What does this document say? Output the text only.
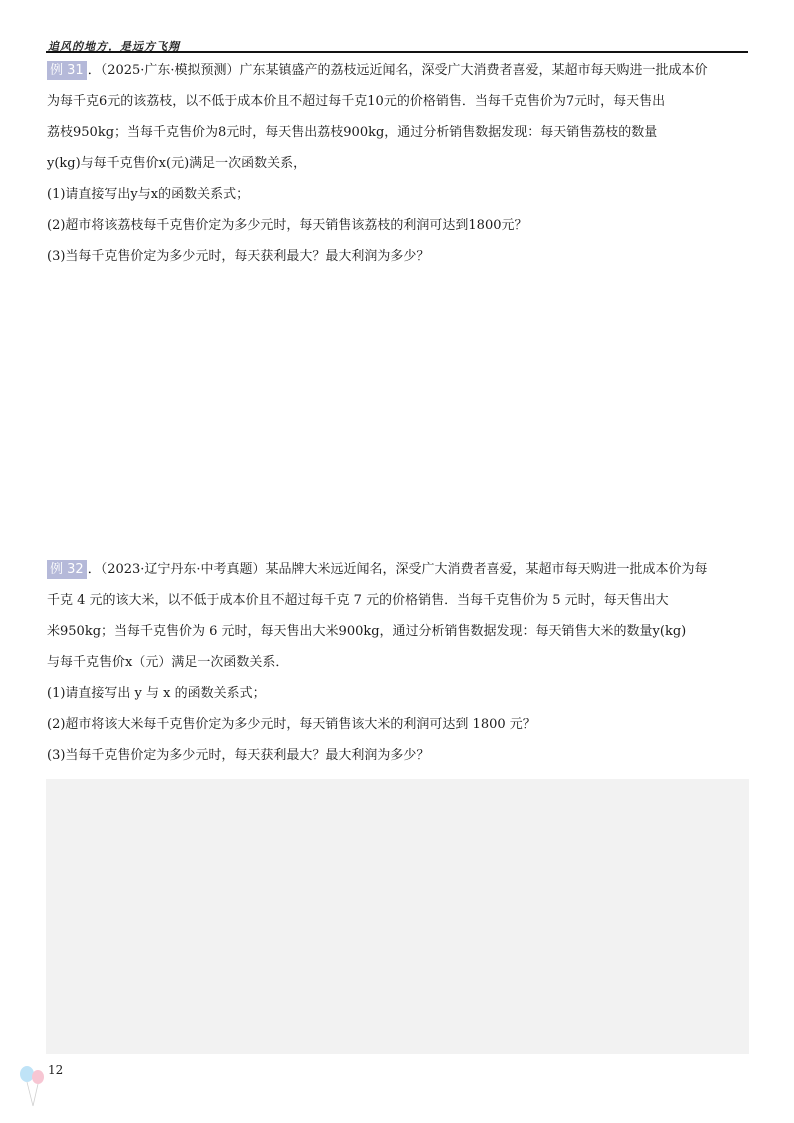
追风的地方，是远方飞翔
例 31 ．（2025·广东·模拟预测）广东某镇盛产的荔枝远近闻名，深受广大消费者喜爱，某超市每天购进一批成本价
为每千克6元的该荔枝，以不低于成本价且不超过每千克10元的价格销售．当每千克售价为7元时，每天售出
荔枝950kg；当每千克售价为8元时，每天售出荔枝900kg，通过分析销售数据发现：每天销售荔枝的数量
y(kg)与每千克售价x(元)满足一次函数关系，
(1)请直接写出y与x的函数关系式；
(2)超市将该荔枝每千克售价定为多少元时，每天销售该荔枝的利润可达到1800元？
(3)当每千克售价定为多少元时，每天获利最大？最大利润为多少？
例 32 ．（2023·辽宁丹东·中考真题）某品牌大米远近闻名，深受广大消费者喜爱，某超市每天购进一批成本价为每
千克 4 元的该大米，以不低于成本价且不超过每千克 7 元的价格销售．当每千克售价为 5 元时，每天售出大
米950kg；当每千克售价为 6 元时，每天售出大米900kg，通过分析销售数据发现：每天销售大米的数量y(kg)
与每千克售价x（元）满足一次函数关系．
(1)请直接写出 y 与 x 的函数关系式；
(2)超市将该大米每千克售价定为多少元时，每天销售该大米的利润可达到 1800 元？
(3)当每千克售价定为多少元时，每天获利最大？最大利润为多少？
12
